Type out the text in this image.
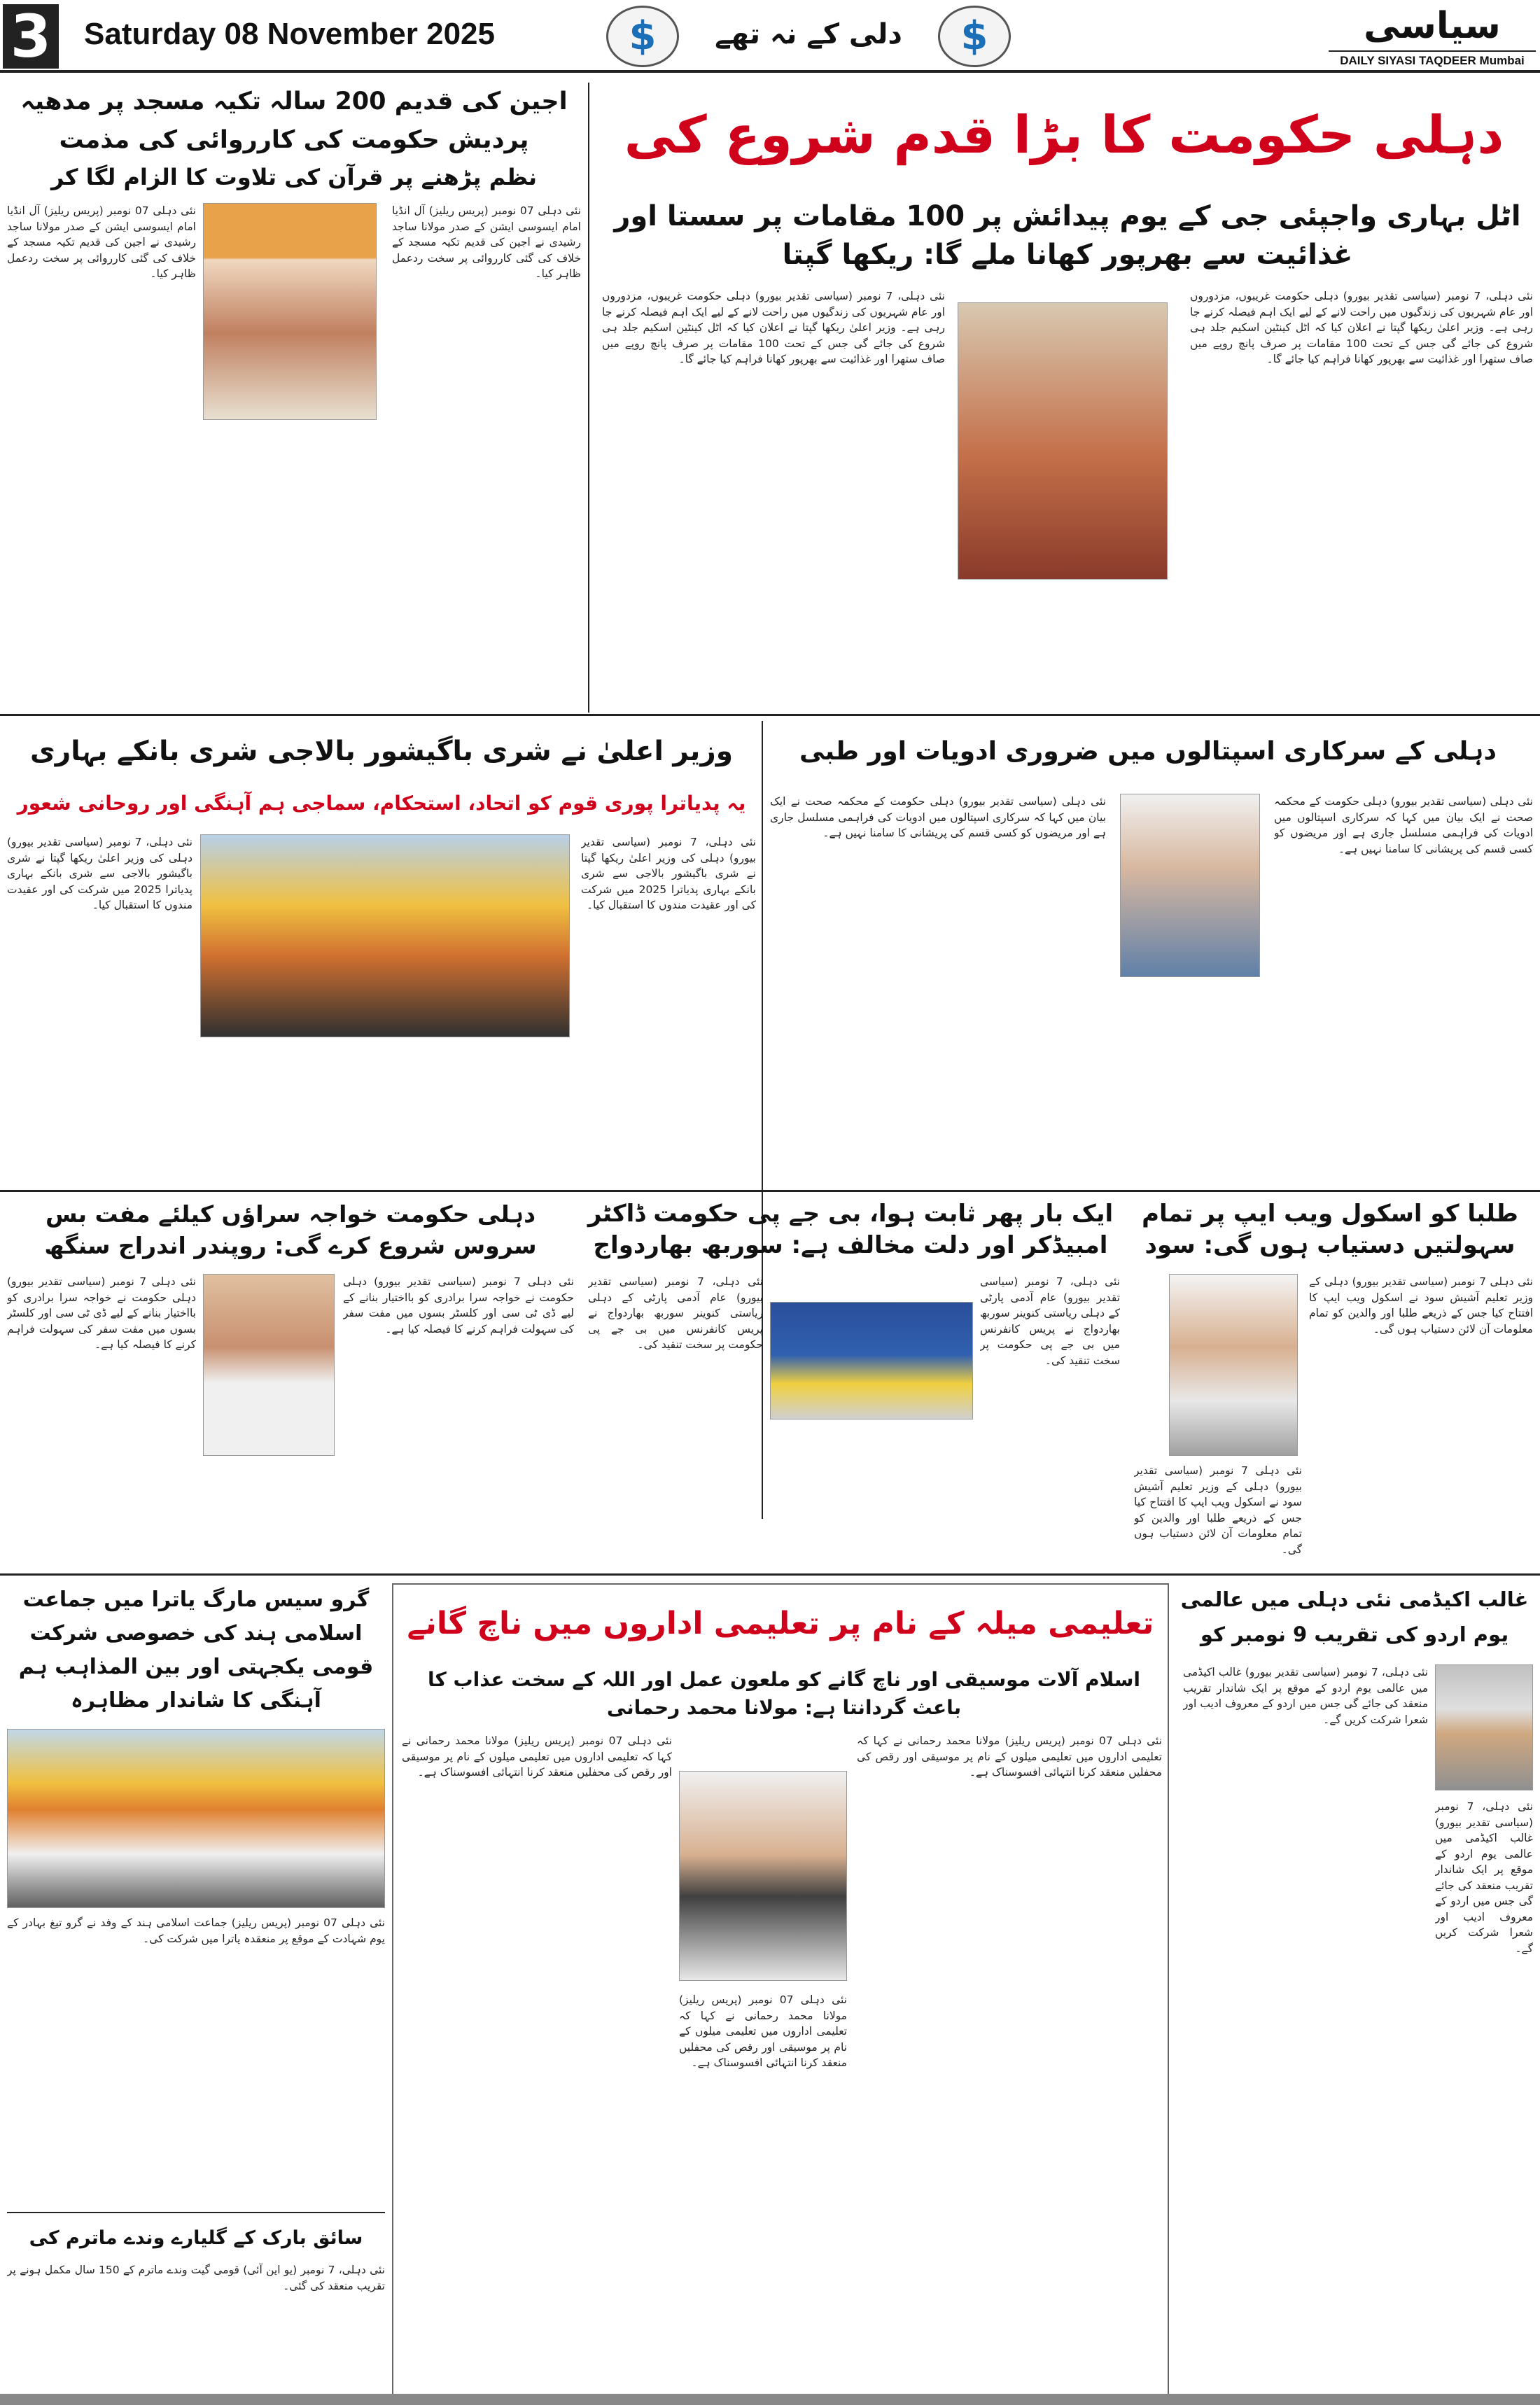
3 Saturday 08 November 2025	$	دلی کے نہ تھے	$	سیاسی
DAILY SIYASI TAQDEER Mumbai
دہلی حکومت کا بڑا قدم شروع کی
اٹل بہاری واجپئی جی کے یوم پیدائش پر 100 مقامات پر سستا اور غذائیت سے بھرپور کھانا ملے گا: ریکھا گپتا
نئی دہلی، 7 نومبر (سیاسی تقدیر بیورو) دہلی حکومت غریبوں، مزدوروں اور عام شہریوں کی زندگیوں میں راحت لانے کے لیے ایک اہم فیصلہ کرنے جا رہی ہے۔ وزیر اعلیٰ ریکھا گپتا نے اعلان کیا کہ اٹل کینٹین اسکیم جلد ہی شروع کی جائے گی جس کے تحت 100 مقامات پر صرف پانچ روپے میں صاف ستھرا اور غذائیت سے بھرپور کھانا فراہم کیا جائے گا۔
نئی دہلی، 7 نومبر (سیاسی تقدیر بیورو) دہلی حکومت غریبوں، مزدوروں اور عام شہریوں کی زندگیوں میں راحت لانے کے لیے ایک اہم فیصلہ کرنے جا رہی ہے۔ وزیر اعلیٰ ریکھا گپتا نے اعلان کیا کہ اٹل کینٹین اسکیم جلد ہی شروع کی جائے گی جس کے تحت 100 مقامات پر صرف پانچ روپے میں صاف ستھرا اور غذائیت سے بھرپور کھانا فراہم کیا جائے گا۔
اجین کی قدیم 200 سالہ تکیہ مسجد پر مدھیہ پردیش حکومت کی کارروائی کی مذمت
نظم پڑھنے پر قرآن کی تلاوت کا الزام لگا کر
نئی دہلی 07 نومبر (پریس ریلیز) آل انڈیا امام ایسوسی ایشن کے صدر مولانا ساجد رشیدی نے اجین کی قدیم تکیہ مسجد کے خلاف کی گئی کارروائی پر سخت ردعمل ظاہر کیا۔
نئی دہلی 07 نومبر (پریس ریلیز) آل انڈیا امام ایسوسی ایشن کے صدر مولانا ساجد رشیدی نے اجین کی قدیم تکیہ مسجد کے خلاف کی گئی کارروائی پر سخت ردعمل ظاہر کیا۔
دہلی کے سرکاری اسپتالوں میں ضروری ادویات اور طبی
نئی دہلی (سیاسی تقدیر بیورو) دہلی حکومت کے محکمہ صحت نے ایک بیان میں کہا کہ سرکاری اسپتالوں میں ادویات کی فراہمی مسلسل جاری ہے اور مریضوں کو کسی قسم کی پریشانی کا سامنا نہیں ہے۔
نئی دہلی (سیاسی تقدیر بیورو) دہلی حکومت کے محکمہ صحت نے ایک بیان میں کہا کہ سرکاری اسپتالوں میں ادویات کی فراہمی مسلسل جاری ہے اور مریضوں کو کسی قسم کی پریشانی کا سامنا نہیں ہے۔
وزیر اعلیٰ نے شری باگیشور بالاجی شری بانکے بہاری
یہ پدیاترا پوری قوم کو اتحاد، استحکام، سماجی ہم آہنگی اور روحانی شعور
نئی دہلی، 7 نومبر (سیاسی تقدیر بیورو) دہلی کی وزیر اعلیٰ ریکھا گپتا نے شری باگیشور بالاجی سے شری بانکے بہاری پدیاترا 2025 میں شرکت کی اور عقیدت مندوں کا استقبال کیا۔
نئی دہلی، 7 نومبر (سیاسی تقدیر بیورو) دہلی کی وزیر اعلیٰ ریکھا گپتا نے شری باگیشور بالاجی سے شری بانکے بہاری پدیاترا 2025 میں شرکت کی اور عقیدت مندوں کا استقبال کیا۔
طلبا کو اسکول ویب ایپ پر تمام سہولتیں دستیاب ہوں گی: سود
نئی دہلی 7 نومبر (سیاسی تقدیر بیورو) دہلی کے وزیر تعلیم آشیش سود نے اسکول ویب ایپ کا افتتاح کیا جس کے ذریعے طلبا اور والدین کو تمام معلومات آن لائن دستیاب ہوں گی۔
نئی دہلی 7 نومبر (سیاسی تقدیر بیورو) دہلی کے وزیر تعلیم آشیش سود نے اسکول ویب ایپ کا افتتاح کیا جس کے ذریعے طلبا اور والدین کو تمام معلومات آن لائن دستیاب ہوں گی۔
ایک بار پھر ثابت ہوا، بی جے پی حکومت ڈاکٹر امبیڈکر اور دلت مخالف ہے: سوربھ بھاردواج
نئی دہلی، 7 نومبر (سیاسی تقدیر بیورو) عام آدمی پارٹی کے دہلی ریاستی کنوینر سوربھ بھاردواج نے پریس کانفرنس میں بی جے پی حکومت پر سخت تنقید کی۔
نئی دہلی، 7 نومبر (سیاسی تقدیر بیورو) عام آدمی پارٹی کے دہلی ریاستی کنوینر سوربھ بھاردواج نے پریس کانفرنس میں بی جے پی حکومت پر سخت تنقید کی۔
دہلی حکومت خواجہ سراؤں کیلئے مفت بس سروس شروع کرے گی: روپندر اندراج سنگھ
نئی دہلی 7 نومبر (سیاسی تقدیر بیورو) دہلی حکومت نے خواجہ سرا برادری کو بااختیار بنانے کے لیے ڈی ٹی سی اور کلسٹر بسوں میں مفت سفر کی سہولت فراہم کرنے کا فیصلہ کیا ہے۔
نئی دہلی 7 نومبر (سیاسی تقدیر بیورو) دہلی حکومت نے خواجہ سرا برادری کو بااختیار بنانے کے لیے ڈی ٹی سی اور کلسٹر بسوں میں مفت سفر کی سہولت فراہم کرنے کا فیصلہ کیا ہے۔
غالب اکیڈمی نئی دہلی میں عالمی یوم اردو کی تقریب 9 نومبر کو
نئی دہلی، 7 نومبر (سیاسی تقدیر بیورو) غالب اکیڈمی میں عالمی یوم اردو کے موقع پر ایک شاندار تقریب منعقد کی جائے گی جس میں اردو کے معروف ادیب اور شعرا شرکت کریں گے۔
نئی دہلی، 7 نومبر (سیاسی تقدیر بیورو) غالب اکیڈمی میں عالمی یوم اردو کے موقع پر ایک شاندار تقریب منعقد کی جائے گی جس میں اردو کے معروف ادیب اور شعرا شرکت کریں گے۔
تعلیمی میلہ کے نام پر تعلیمی اداروں میں ناچ گانے
اسلام آلات موسیقی اور ناچ گانے کو ملعون عمل اور اللہ کے سخت عذاب کا باعث گردانتا ہے: مولانا محمد رحمانی
نئی دہلی 07 نومبر (پریس ریلیز) مولانا محمد رحمانی نے کہا کہ تعلیمی اداروں میں تعلیمی میلوں کے نام پر موسیقی اور رقص کی محفلیں منعقد کرنا انتہائی افسوسناک ہے۔
نئی دہلی 07 نومبر (پریس ریلیز) مولانا محمد رحمانی نے کہا کہ تعلیمی اداروں میں تعلیمی میلوں کے نام پر موسیقی اور رقص کی محفلیں منعقد کرنا انتہائی افسوسناک ہے۔
نئی دہلی 07 نومبر (پریس ریلیز) مولانا محمد رحمانی نے کہا کہ تعلیمی اداروں میں تعلیمی میلوں کے نام پر موسیقی اور رقص کی محفلیں منعقد کرنا انتہائی افسوسناک ہے۔
گرو سیس مارگ یاترا میں جماعت اسلامی ہند کی خصوصی شرکت قومی یکجہتی اور بین المذاہب ہم آہنگی کا شاندار مظاہرہ
نئی دہلی 07 نومبر (پریس ریلیز) جماعت اسلامی ہند کے وفد نے گرو تیغ بہادر کے یوم شہادت کے موقع پر منعقدہ یاترا میں شرکت کی۔
سائق بارک کے گلیارے وندے ماترم کی
نئی دہلی، 7 نومبر (یو این آئی) قومی گیت وندے ماترم کے 150 سال مکمل ہونے پر تقریب منعقد کی گئی۔
